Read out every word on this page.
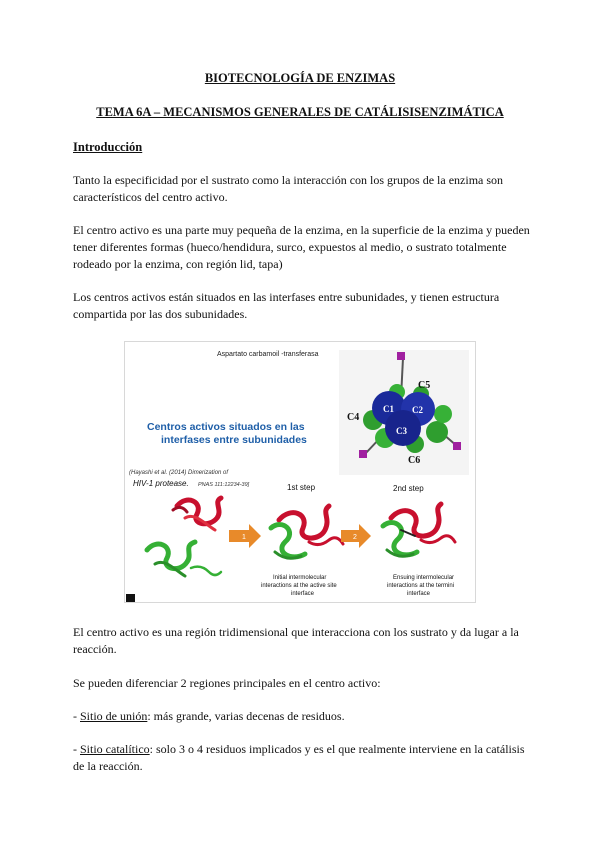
BIOTECNOLOGÍA DE ENZIMAS
TEMA 6A – MECANISMOS GENERALES DE CATÁLISISENZIMÁTICA
Introducción
Tanto la especificidad por el sustrato como la interacción con los grupos de la enzima son característicos del centro activo.
El centro activo es una parte muy pequeña de la enzima, en la superficie de la enzima y pueden tener diferentes formas (hueco/hendidura, surco, expuestos al medio, o sustrato totalmente rodeado por la enzima, con región lid, tapa)
Los centros activos están situados en las interfases entre subunidades, y tienen estructura compartida por las dos subunidades.
Aspartato carbamoil -transferasa
C1 C2
C3
C4
C5
C6
Centros activos situados en las
interfases entre subunidades
(Hayashi et al. (2014) Dimerization of
HIV-1 protease. PNAS 111:12234-39]	1st step	2nd step
1
Initial intermolecular
interactions at the active site
interface
2
Ensuing intermolecular
interactions at the termini
interface
El centro activo es una región tridimensional que interacciona con los sustrato y da lugar a la reacción.
Se pueden diferenciar 2 regiones principales en el centro activo:
- Sitio de unión: más grande, varias decenas de residuos.
- Sitio catalítico: solo 3 o 4 residuos implicados y es el que realmente interviene en la catálisis de la reacción.
